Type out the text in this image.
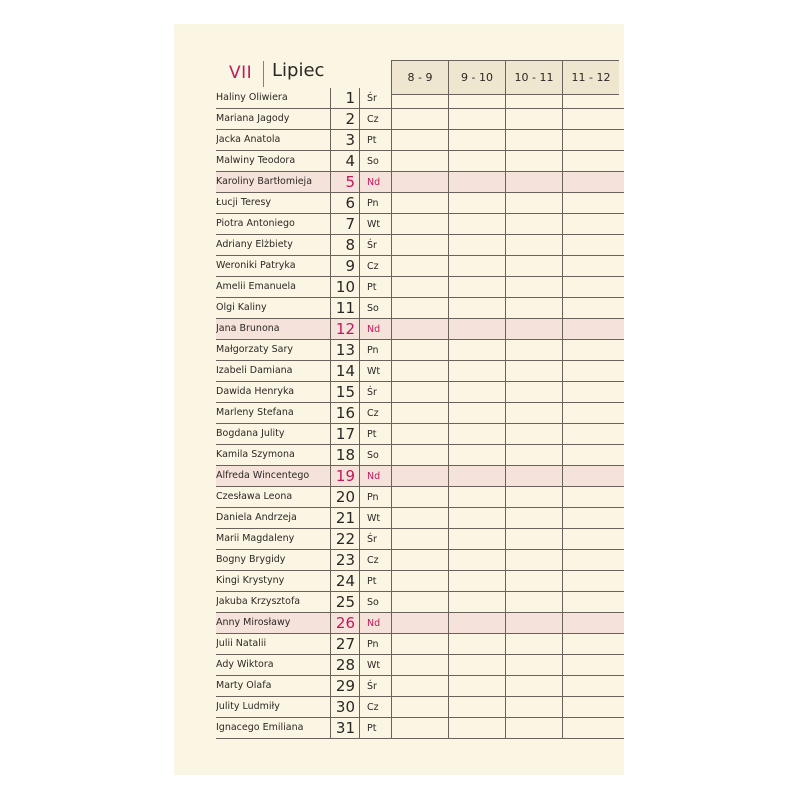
VII	Lipiec	8 - 9	9 - 10	10 - 11	11 - 12
Haliny Oliwiera	1 Śr
Mariana Jagody	2 Cz
Jacka Anatola	3 Pt
Malwiny Teodora	4 So
Karoliny Bartłomieja	5 Nd
Łucji Teresy	6 Pn
Piotra Antoniego	7 Wt
Adriany Elżbiety	8 Śr
Weroniki Patryka	9 Cz
Amelii Emanuela	10 Pt
Olgi Kaliny	11 So
Jana Brunona	12 Nd
Małgorzaty Sary	13 Pn
Izabeli Damiana	14 Wt
Dawida Henryka	15 Śr
Marleny Stefana	16 Cz
Bogdana Julity	17 Pt
Kamila Szymona	18 So
Alfreda Wincentego	19 Nd
Czesława Leona	20 Pn
Daniela Andrzeja	21 Wt
Marii Magdaleny	22 Śr
Bogny Brygidy	23 Cz
Kingi Krystyny	24 Pt
Jakuba Krzysztofa	25 So
Anny Mirosławy	26 Nd
Julii Natalii	27 Pn
Ady Wiktora	28 Wt
Marty Olafa	29 Śr
Julity Ludmiły	30 Cz
Ignacego Emiliana	31 Pt
